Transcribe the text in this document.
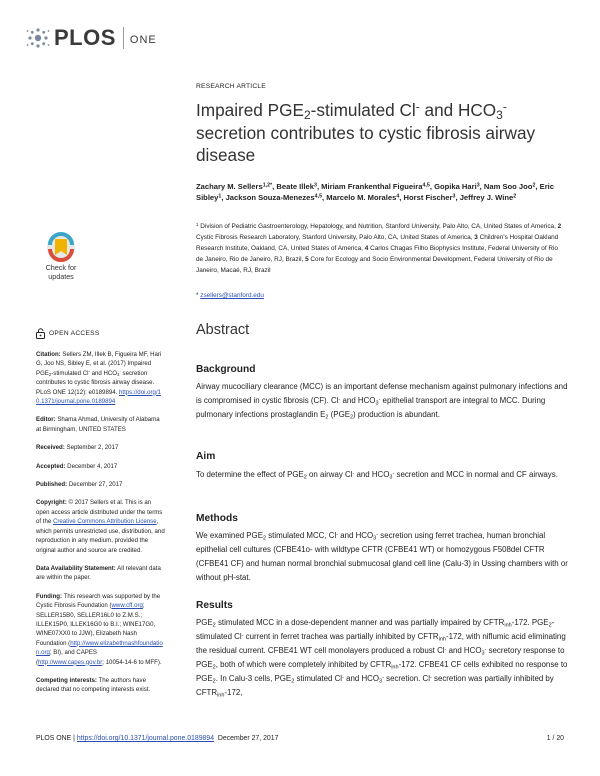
PLOS ONE
Check for
updates
OPEN ACCESS

Citation: Sellers ZM, Illek B, Figueira MF, Hari G, Joo NS, Sibley E, et al. (2017) Impaired $PGE_2$-stimulated Cl- and $HCO_3^-$ secretion contributes to cystic fibrosis airway disease. PLoS ONE 12(12): e0189894. https://doi.org/10.1371/journal.pone.0189894

Editor: Shama Ahmad, University of Alabama at Birmingham, UNITED STATES

Received: September 2, 2017

Accepted: December 4, 2017

Published: December 27, 2017

Copyright: © 2017 Sellers et al. This is an open access article distributed under the terms of the Creative Commons Attribution License, which permits unrestricted use, distribution, and reproduction in any medium, provided the original author and source are credited.

Data Availability Statement: All relevant data are within the paper.

Funding: This research was supported by the Cystic Fibrosis Foundation (www.cff.org; SELLER15B0, SELLER16L0 to Z.M.S.; ILLEK15P0, ILLEK16G0 to B.I.; WINE17G0, WINE07XX0 to JJW), Elizabeth Nash Foundation (http://www.elizabethnashfoundation.org; BI), and CAPES (http://www.capes.gov.br; 10054-14-6 to MFF).

Competing interests: The authors have declared that no competing interests exist.

RESEARCH ARTICLE
Impaired $PGE_2$-stimulated Cl- and $HCO_3^-$ secretion contributes to cystic fibrosis airway disease
Zachary M. Sellers$^{1,2*}$, Beate Illek$^3$, Miriam Frankenthal Figueira$^{4,5}$, Gopika Hari$^3$, Nam Soo Joo$^2$, Eric Sibley$^1$, Jackson Souza-Menezes$^{4,5}$, Marcelo M. Morales$^4$, Horst Fischer$^3$, Jeffrey J. Wine$^2$
$^1$ Division of Pediatric Gastroenterology, Hepatology, and Nutrition, Stanford University, Palo Alto, CA, United States of America, 2 Cystic Fibrosis Research Laboratory, Stanford University, Palo Alto, CA, United States of America, 3 Children's Hospital Oakland Research Institute, Oakland, CA, United States of America, 4 Carlos Chagas Filho Biophysics Institute, Federal University of Rio de Janeiro, Rio de Janeiro, RJ, Brazil, 5 Core for Ecology and Socio Environmental Development, Federal University of Rio de Janeiro, Macaé, RJ, Brazil
* zsellers@stanford.edu
Abstract
Background

Airway mucociliary clearance (MCC) is an important defense mechanism against pulmonary infections and is compromised in cystic fibrosis (CF). Cl- and $HCO_3^-$ epithelial transport are integral to MCC. During pulmonary infections prostaglandin $E_2$ $(PGE_2)$ production is abundant.

Aim

To determine the effect of $PGE_2$ on airway Cl- and $HCO_3^-$ secretion and MCC in normal and CF airways.

Methods

We examined $PGE_2$ stimulated MCC, Cl- and $HCO_3^-$ secretion using ferret trachea, human bronchial epithelial cell cultures (CFBE41o- with wildtype CFTR (CFBE41 WT) or homozygous F508del CFTR (CFBE41 CF) and human normal bronchial submucosal gland cell line (Calu-3) in Ussing chambers with or without pH-stat.

Results

$PGE_2$ stimulated MCC in a dose-dependent manner and was partially impaired by $CFTR_{inh}-172$. $PGE_2$-stimulated Cl- current in ferret trachea was partially inhibited by $CFTR_{inh}-172$, with niflumic acid eliminating the residual current. CFBE41 WT cell monolayers produced a robust Cl- and $HCO_3^-$ secretory response to $PGE_2$, both of which were completely inhibited by $CFTR_{inh}-172$. CFBE41 CF cells exhibited no response to $PGE_2$. In Calu-3 cells, $PGE_2$ stimulated Cl- and $HCO_3^-$ secretion. Cl- secretion was partially inhibited by $CFTR_{inh}-172$,

PLOS ONE | https://doi.org/10.1371/journal.pone.0189894 December 27, 2017	1 / 20
